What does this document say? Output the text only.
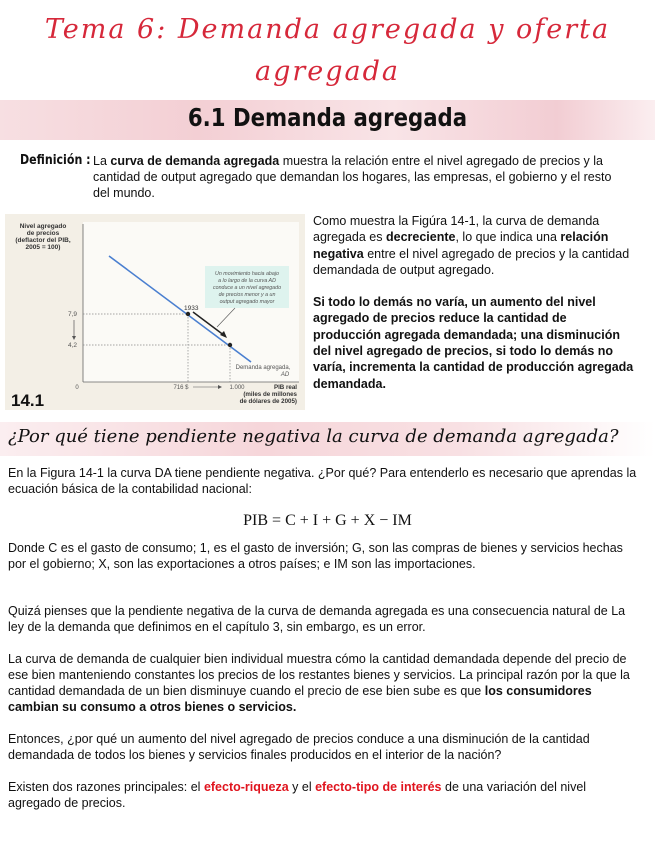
Tema 6: Demanda agregada y oferta
agregada
6.1 Demanda agregada
Definición : La curva de demanda agregada muestra la relación entre el nivel agregado de precios y la cantidad de output agregado que demandan los hogares, las empresas, el gobierno y el resto del mundo.
Nivel agregado
de precios
(deflactor del PIB,
2005 = 100)
1933
7,9
4,2
Un movimiento hacia abajo
a lo largo de la curva AD
conduce a un nivel agregado
de precios menor y a un
output agregado mayor
Demanda agregada,
AD
0	716 $	1.000	PIB real
(miles de millones
de dólares de 2005)
14.1
Como muestra la Figúra 14-1, la curva de demanda agregada es decreciente, lo que indica una relación negativa entre el nivel agregado de precios y la cantidad demandada de output agregado.
Si todo lo demás no varía, un aumento del nivel agregado de precios reduce la cantidad de producción agregada demandada; una disminución del nivel agregado de precios, si todo lo demás no varía, incrementa la cantidad de producción agregada demandada.
¿Por qué tiene pendiente negativa la curva de demanda agregada?
En la Figura 14-1 la curva DA tiene pendiente negativa. ¿Por qué? Para entenderlo es necesario que aprendas la ecuación básica de la contabilidad nacional:
PIB = C + I + G + X − IM
Donde C es el gasto de consumo; 1, es el gasto de inversión; G, son las compras de bienes y servicios hechas por el gobierno; X, son las exportaciones a otros países; e IM son las importaciones.
Quizá pienses que la pendiente negativa de la curva de demanda agregada es una consecuencia natural de La ley de la demanda que definimos en el capítulo 3, sin embargo, es un error.
La curva de demanda de cualquier bien individual muestra cómo la cantidad demandada depende del precio de ese bien manteniendo constantes los precios de los restantes bienes y servicios. La principal razón por la que la cantidad demandada de un bien disminuye cuando el precio de ese bien sube es que los consumidores cambian su consumo a otros bienes o servicios.
Entonces, ¿por qué un aumento del nivel agregado de precios conduce a una disminución de la cantidad demandada de todos los bienes y servicios finales producidos en el interior de la nación?
Existen dos razones principales: el efecto-riqueza y el efecto-tipo de interés de una variación del nivel agregado de precios.
